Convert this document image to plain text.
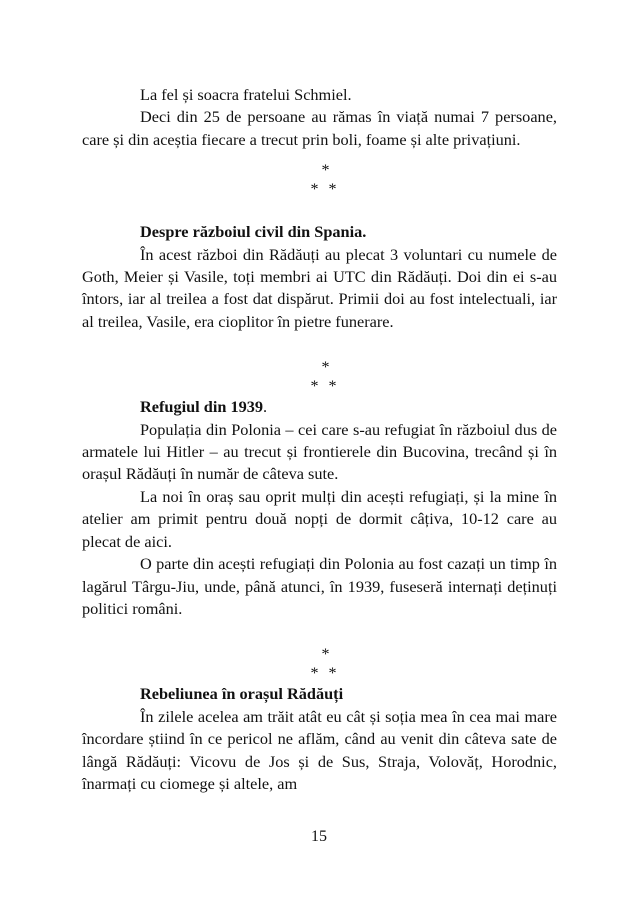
La fel și soacra fratelui Schmiel.

Deci din 25 de persoane au rămas în viață numai 7 persoane, care și din aceștia fiecare a trecut prin boli, foame și alte privațiuni.

*
* *

Despre războiul civil din Spania.

În acest război din Rădăuți au plecat 3 voluntari cu numele de Goth, Meier și Vasile, toți membri ai UTC din Rădăuți. Doi din ei s-au întors, iar al treilea a fost dat dispărut. Primii doi au fost intelectuali, iar al treilea, Vasile, era cioplitor în pietre funerare.

*
* *

Refugiul din 1939.

Populația din Polonia – cei care s-au refugiat în războiul dus de armatele lui Hitler – au trecut și frontierele din Bucovina, trecând și în orașul Rădăuți în număr de câteva sute.

La noi în oraș sau oprit mulți din acești refugiați, și la mine în atelier am primit pentru două nopți de dormit câțiva, 10-12 care au plecat de aici.

O parte din acești refugiați din Polonia au fost cazați un timp în lagărul Târgu-Jiu, unde, până atunci, în 1939, fuseseră internați deținuți politici români.

*
* *

Rebeliunea în orașul Rădăuți

În zilele acelea am trăit atât eu cât și soția mea în cea mai mare încordare știind în ce pericol ne aflăm, când au venit din câteva sate de lângă Rădăuți: Vicovu de Jos și de Sus, Straja, Volovăț, Horodnic, înarmați cu ciomege și altele, am

15
